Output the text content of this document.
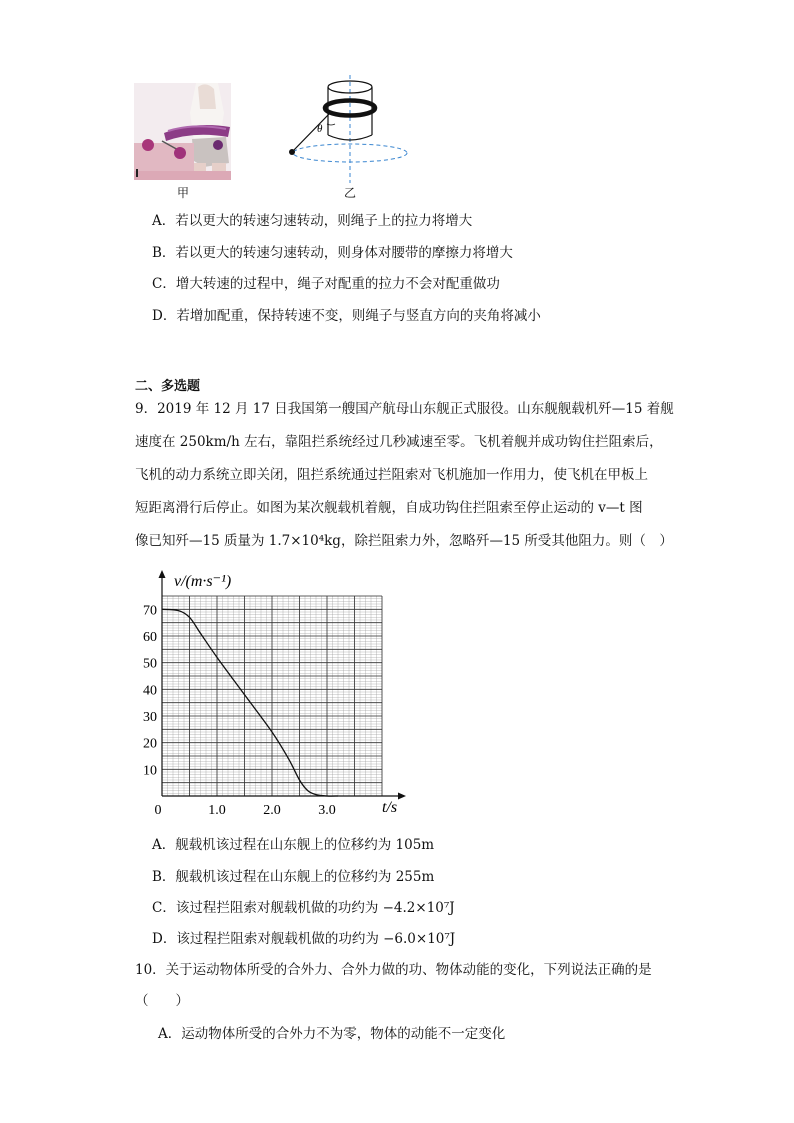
甲
θ
乙
A．若以更大的转速匀速转动，则绳子上的拉力将增大
B．若以更大的转速匀速转动，则身体对腰带的摩擦力将增大
C．增大转速的过程中，绳子对配重的拉力不会对配重做功
D．若增加配重，保持转速不变，则绳子与竖直方向的夹角将减小
二、多选题
9．2019 年 12 月 17 日我国第一艘国产航母山东舰正式服役。山东舰舰载机歼—15 着舰
速度在 250km/h 左右，靠阻拦系统经过几秒减速至零。飞机着舰并成功钩住拦阻索后，
飞机的动力系统立即关闭，阻拦系统通过拦阻索对飞机施加一作用力，使飞机在甲板上
短距离滑行后停止。如图为某次舰载机着舰，自成功钩住拦阻索至停止运动的 v—t 图
像已知歼—15 质量为 1.7×10⁴kg，除拦阻索力外，忽略歼—15 所受其他阻力。则（　）
10
20
30
40
50
60
70
0	1.0	2.0	3.0
v/(m·s⁻¹)
t/s
A．舰载机该过程在山东舰上的位移约为 105m
B．舰载机该过程在山东舰上的位移约为 255m
C．该过程拦阻索对舰载机做的功约为 −4.2×10⁷J
D．该过程拦阻索对舰载机做的功约为 −6.0×10⁷J
10．关于运动物体所受的合外力、合外力做的功、物体动能的变化，下列说法正确的是
（　　）
A．运动物体所受的合外力不为零，物体的动能不一定变化
